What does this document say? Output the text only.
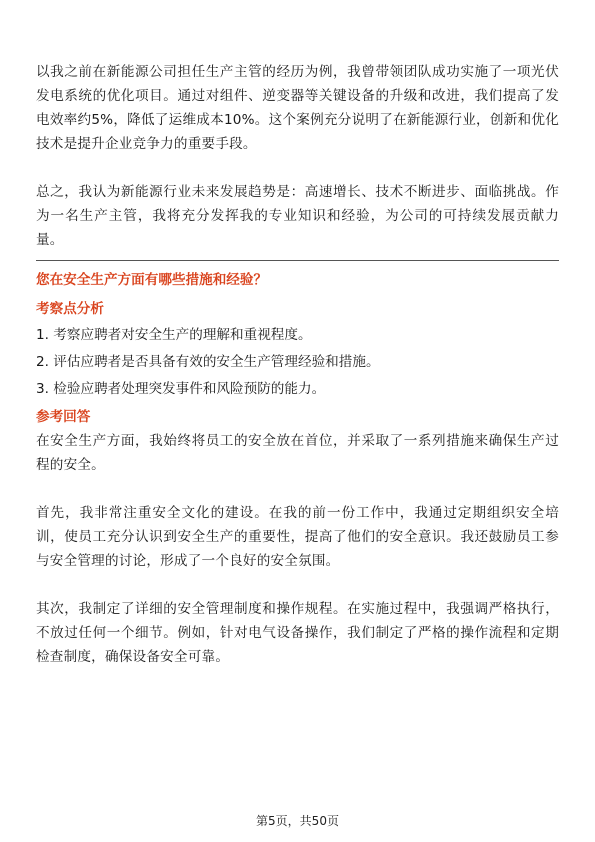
以我之前在新能源公司担任生产主管的经历为例，我曾带领团队成功实施了一项光伏发电系统的优化项目。通过对组件、逆变器等关键设备的升级和改进，我们提高了发电效率约5%，降低了运维成本10%。这个案例充分说明了在新能源行业，创新和优化技术是提升企业竞争力的重要手段。

总之，我认为新能源行业未来发展趋势是：高速增长、技术不断进步、面临挑战。作为一名生产主管，我将充分发挥我的专业知识和经验，为公司的可持续发展贡献力量。

您在安全生产方面有哪些措施和经验？

考察点分析

1. 考察应聘者对安全生产的理解和重视程度。

2. 评估应聘者是否具备有效的安全生产管理经验和措施。

3. 检验应聘者处理突发事件和风险预防的能力。

参考回答

在安全生产方面，我始终将员工的安全放在首位，并采取了一系列措施来确保生产过程的安全。

首先，我非常注重安全文化的建设。在我的前一份工作中，我通过定期组织安全培训，使员工充分认识到安全生产的重要性，提高了他们的安全意识。我还鼓励员工参与安全管理的讨论，形成了一个良好的安全氛围。

其次，我制定了详细的安全管理制度和操作规程。在实施过程中，我强调严格执行，不放过任何一个细节。例如，针对电气设备操作，我们制定了严格的操作流程和定期检查制度，确保设备安全可靠。

第5页，共50页
